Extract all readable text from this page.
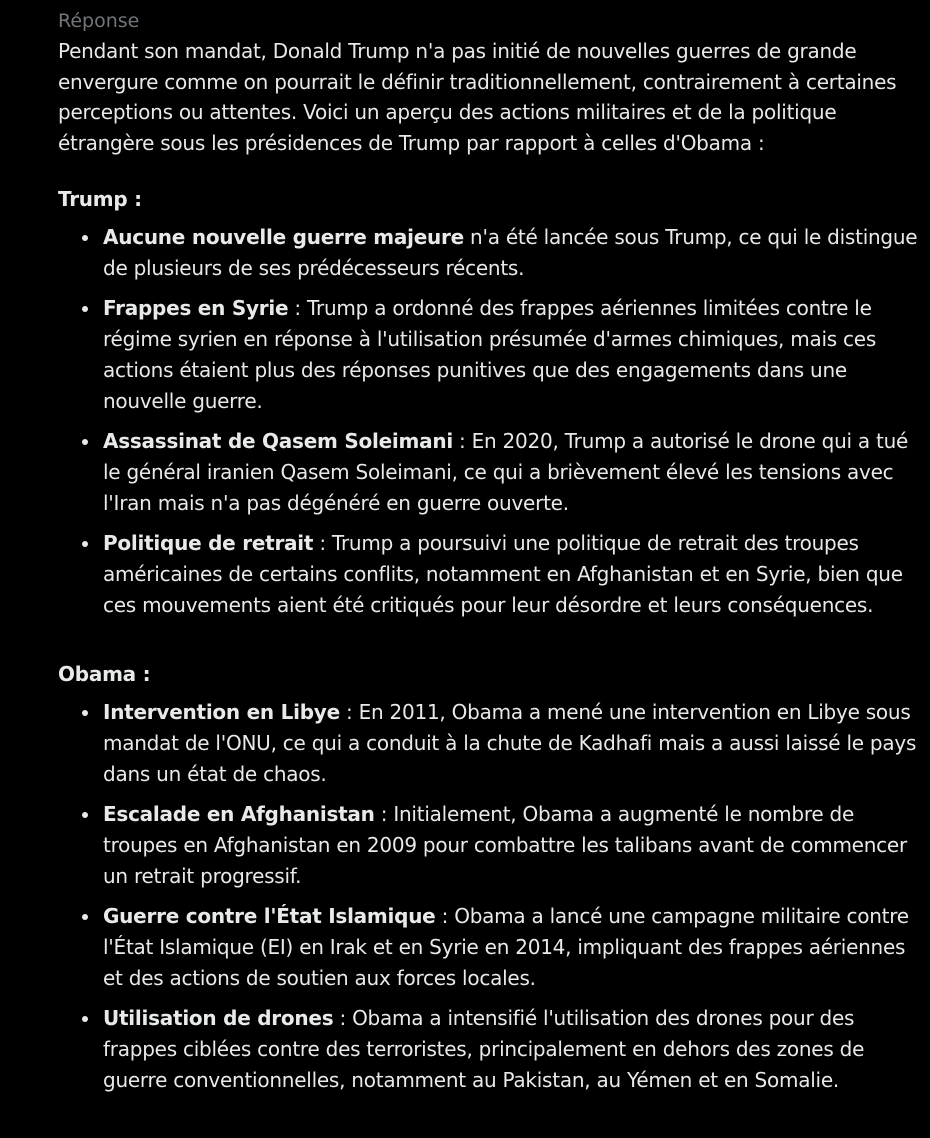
Réponse

Pendant son mandat, Donald Trump n'a pas initié de nouvelles guerres de grande envergure comme on pourrait le définir traditionnellement, contrairement à certaines perceptions ou attentes. Voici un aperçu des actions militaires et de la politique étrangère sous les présidences de Trump par rapport à celles d'Obama :

Trump :
Aucune nouvelle guerre majeure n'a été lancée sous Trump, ce qui le distingue de plusieurs de ses prédécesseurs récents.
Frappes en Syrie : Trump a ordonné des frappes aériennes limitées contre le régime syrien en réponse à l'utilisation présumée d'armes chimiques, mais ces actions étaient plus des réponses punitives que des engagements dans une nouvelle guerre.
Assassinat de Qasem Soleimani : En 2020, Trump a autorisé le drone qui a tué le général iranien Qasem Soleimani, ce qui a brièvement élevé les tensions avec l'Iran mais n'a pas dégénéré en guerre ouverte.
Politique de retrait : Trump a poursuivi une politique de retrait des troupes américaines de certains conflits, notamment en Afghanistan et en Syrie, bien que ces mouvements aient été critiqués pour leur désordre et leurs conséquences.
Obama :
Intervention en Libye : En 2011, Obama a mené une intervention en Libye sous mandat de l'ONU, ce qui a conduit à la chute de Kadhafi mais a aussi laissé le pays dans un état de chaos.
Escalade en Afghanistan : Initialement, Obama a augmenté le nombre de troupes en Afghanistan en 2009 pour combattre les talibans avant de commencer un retrait progressif.
Guerre contre l'État Islamique : Obama a lancé une campagne militaire contre l'État Islamique (EI) en Irak et en Syrie en 2014, impliquant des frappes aériennes et des actions de soutien aux forces locales.
Utilisation de drones : Obama a intensifié l'utilisation des drones pour des frappes ciblées contre des terroristes, principalement en dehors des zones de guerre conventionnelles, notamment au Pakistan, au Yémen et en Somalie.
